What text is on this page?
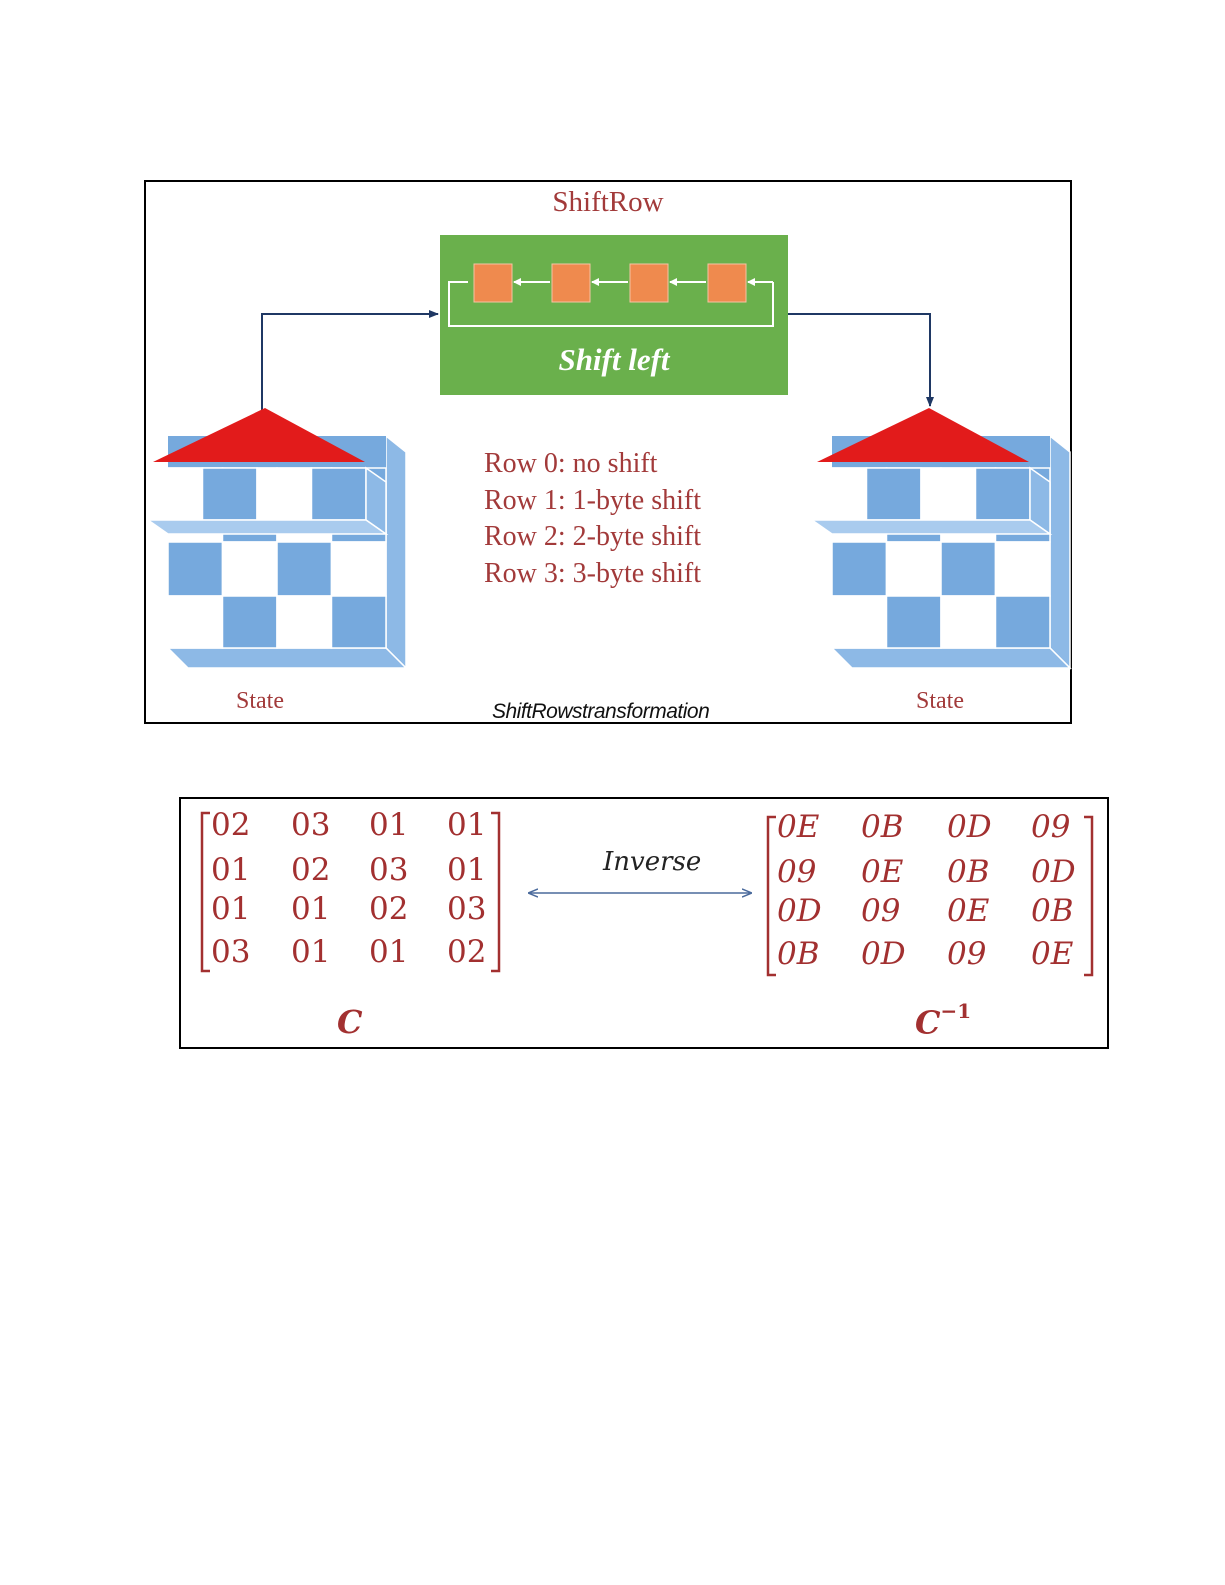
ShiftRow
Shift left
Row 0: no shift
Row 1: 1-byte shift
Row 2: 2-byte shift
Row 3: 3-byte shift
State	State
ShiftRowstransformation
02 03 01 01
01 02 03 01
01 01 02 03
03 01 01 02
0E 0B 0D 09
09 0E 0B 0D
0D 09 0E 0B
0B 0D 09 0E
Inverse
C	$C^{-1}$
